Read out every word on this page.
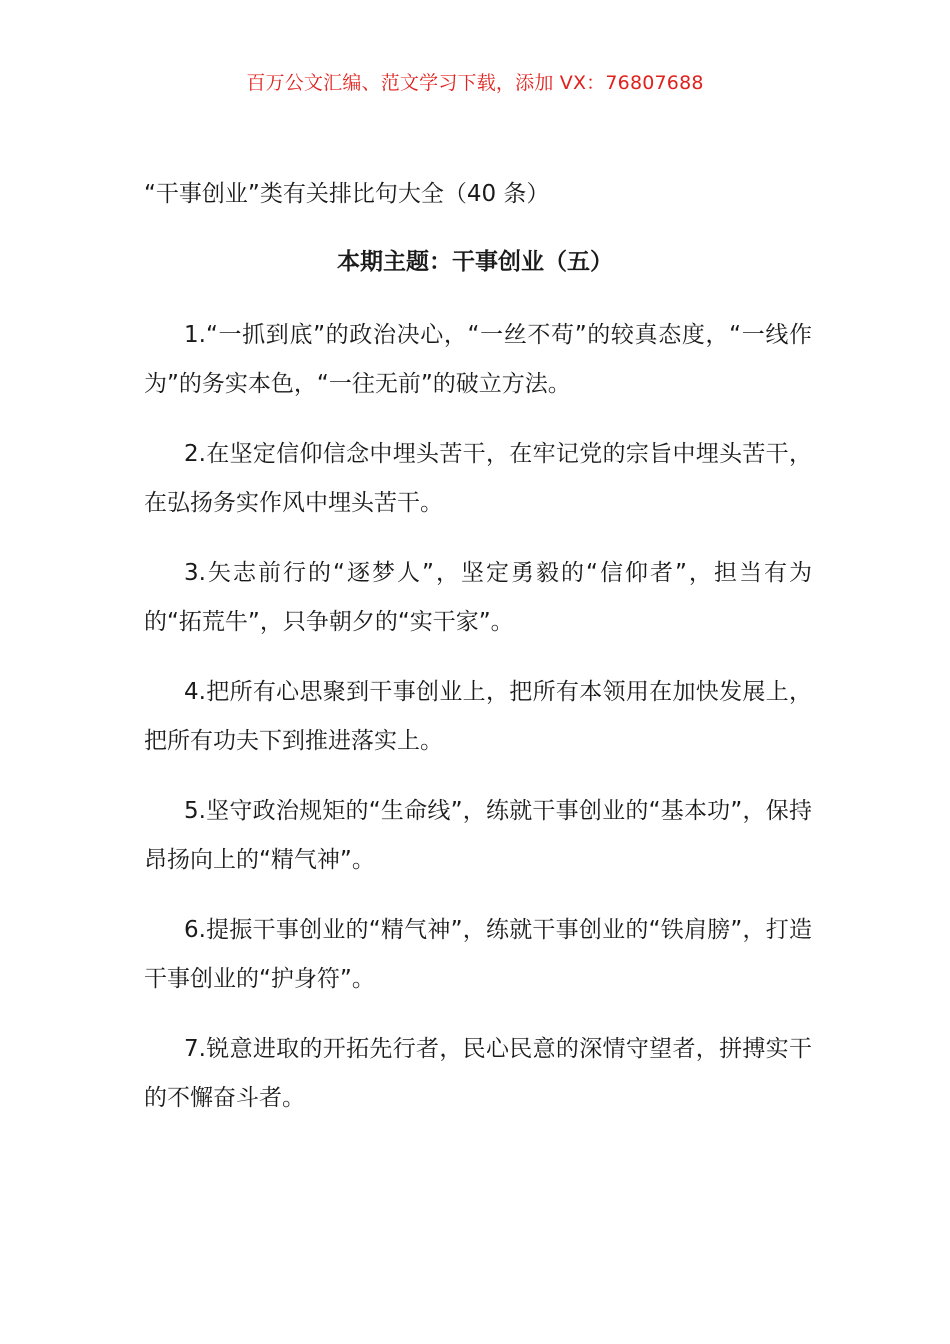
百万公文汇编、范文学习下载，添加 VX：76807688
“干事创业”类有关排比句大全（40 条）
本期主题：干事创业（五）
1.“一抓到底”的政治决心，“一丝不苟”的较真态度，“一线作为”的务实本色，“一往无前”的破立方法。
2.在坚定信仰信念中埋头苦干，在牢记党的宗旨中埋头苦干，在弘扬务实作风中埋头苦干。
3.矢志前行的“逐梦人”，坚定勇毅的“信仰者”，担当有为的“拓荒牛”，只争朝夕的“实干家”。
4.把所有心思聚到干事创业上，把所有本领用在加快发展上，把所有功夫下到推进落实上。
5.坚守政治规矩的“生命线”，练就干事创业的“基本功”，保持昂扬向上的“精气神”。
6.提振干事创业的“精气神”，练就干事创业的“铁肩膀”，打造干事创业的“护身符”。
7.锐意进取的开拓先行者，民心民意的深情守望者，拼搏实干的不懈奋斗者。
